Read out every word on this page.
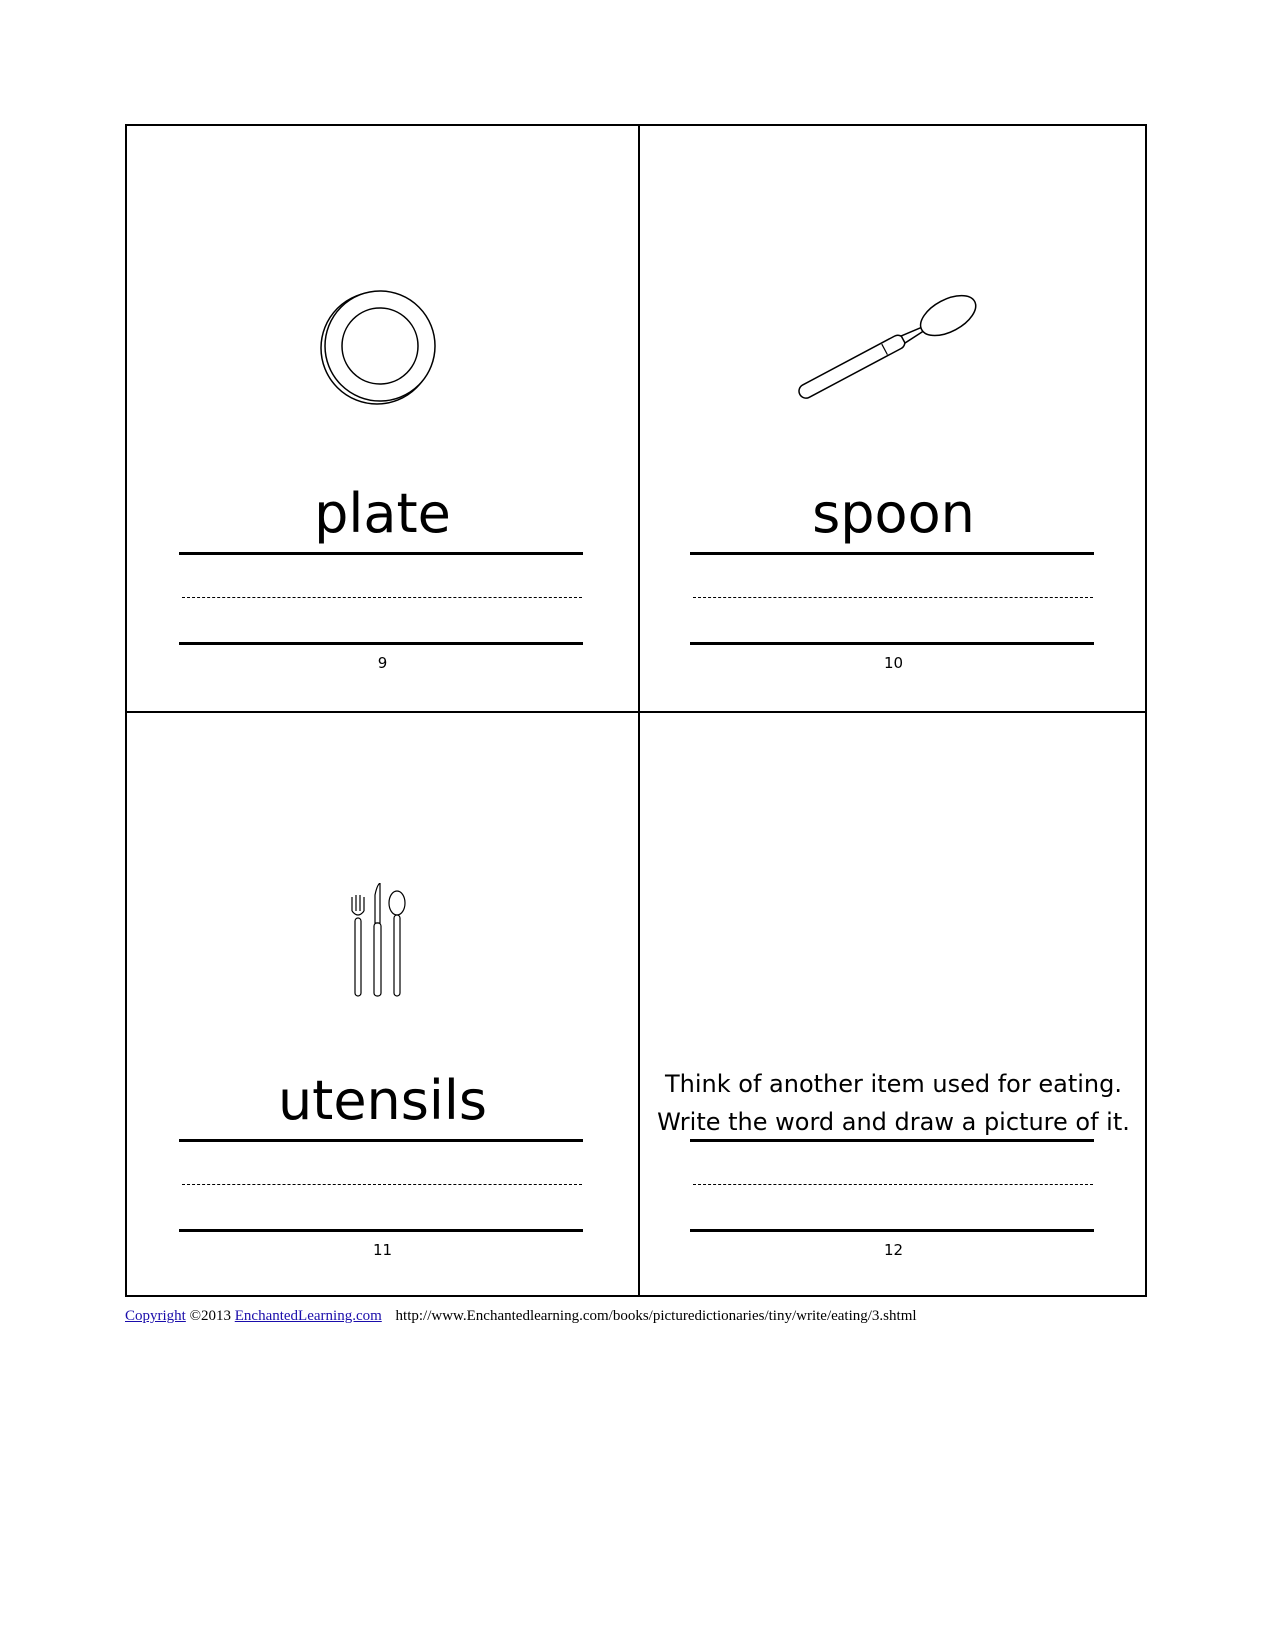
plate
9
spoon
10
utensils
11
Think of another item used for eating.
Write the word and draw a picture of it.
12
Copyright ©2013 EnchantedLearning.com http://www.Enchantedlearning.com/books/picturedictionaries/tiny/write/eating/3.shtml
